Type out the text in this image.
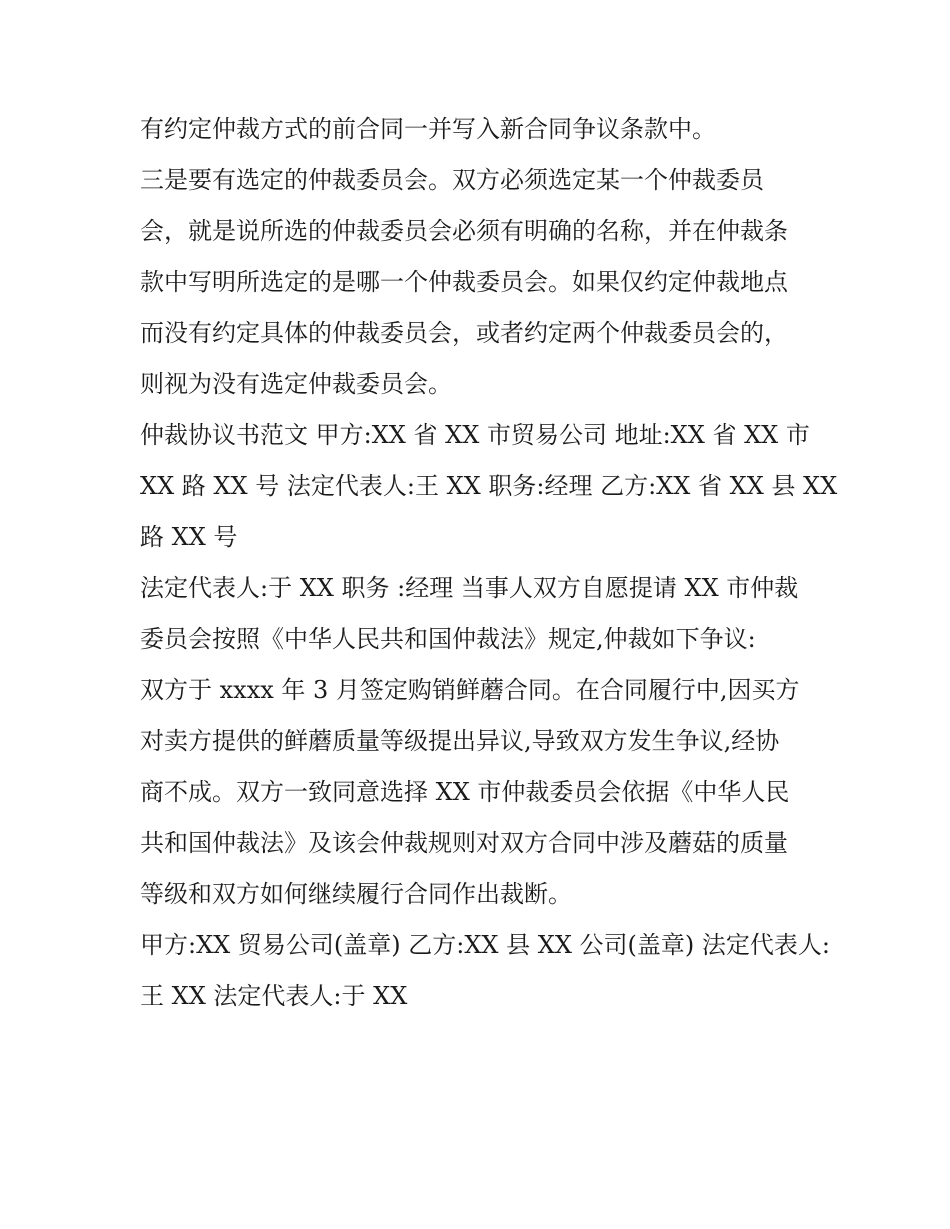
有约定仲裁方式的前合同一并写入新合同争议条款中。
三是要有选定的仲裁委员会。双方必须选定某一个仲裁委员
会，就是说所选的仲裁委员会必须有明确的名称，并在仲裁条
款中写明所选定的是哪一个仲裁委员会。如果仅约定仲裁地点
而没有约定具体的仲裁委员会，或者约定两个仲裁委员会的，
则视为没有选定仲裁委员会。
仲裁协议书范文 甲方:XX 省 XX 市贸易公司 地址:XX 省 XX 市
XX 路 XX 号 法定代表人:王 XX 职务:经理 乙方:XX 省 XX 县 XX
路 XX 号
法定代表人:于 XX 职务 :经理 当事人双方自愿提请 XX 市仲裁
委员会按照《中华人民共和国仲裁法》规定,仲裁如下争议:
双方于 xxxx 年 3 月签定购销鲜蘑合同。在合同履行中,因买方
对卖方提供的鲜蘑质量等级提出异议,导致双方发生争议,经协
商不成。双方一致同意选择 XX 市仲裁委员会依据《中华人民
共和国仲裁法》及该会仲裁规则对双方合同中涉及蘑菇的质量
等级和双方如何继续履行合同作出裁断。
甲方:XX 贸易公司(盖章) 乙方:XX 县 XX 公司(盖章) 法定代表人:
王 XX 法定代表人:于 XX
